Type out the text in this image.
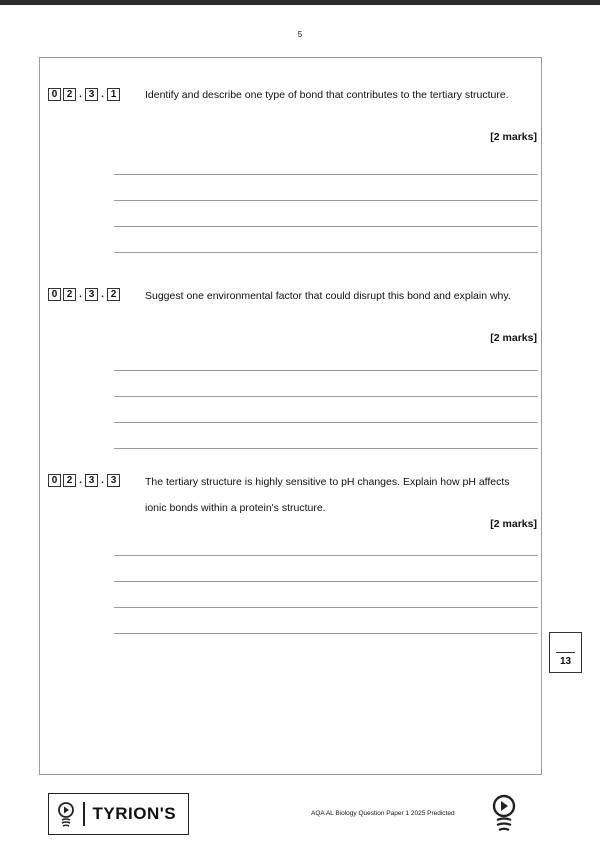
5
0 2 . 3 . 1	Identify and describe one type of bond that contributes to the tertiary structure.
[2 marks]
0 2 . 3 . 2	Suggest one environmental factor that could disrupt this bond and explain why.
[2 marks]
0 2 . 3 . 3	The tertiary structure is highly sensitive to pH changes. Explain how pH affects ionic bonds within a protein's structure.
[2 marks]
13
TYRION'S	AQA AL Biology Question Paper 1 2025 Predicted
